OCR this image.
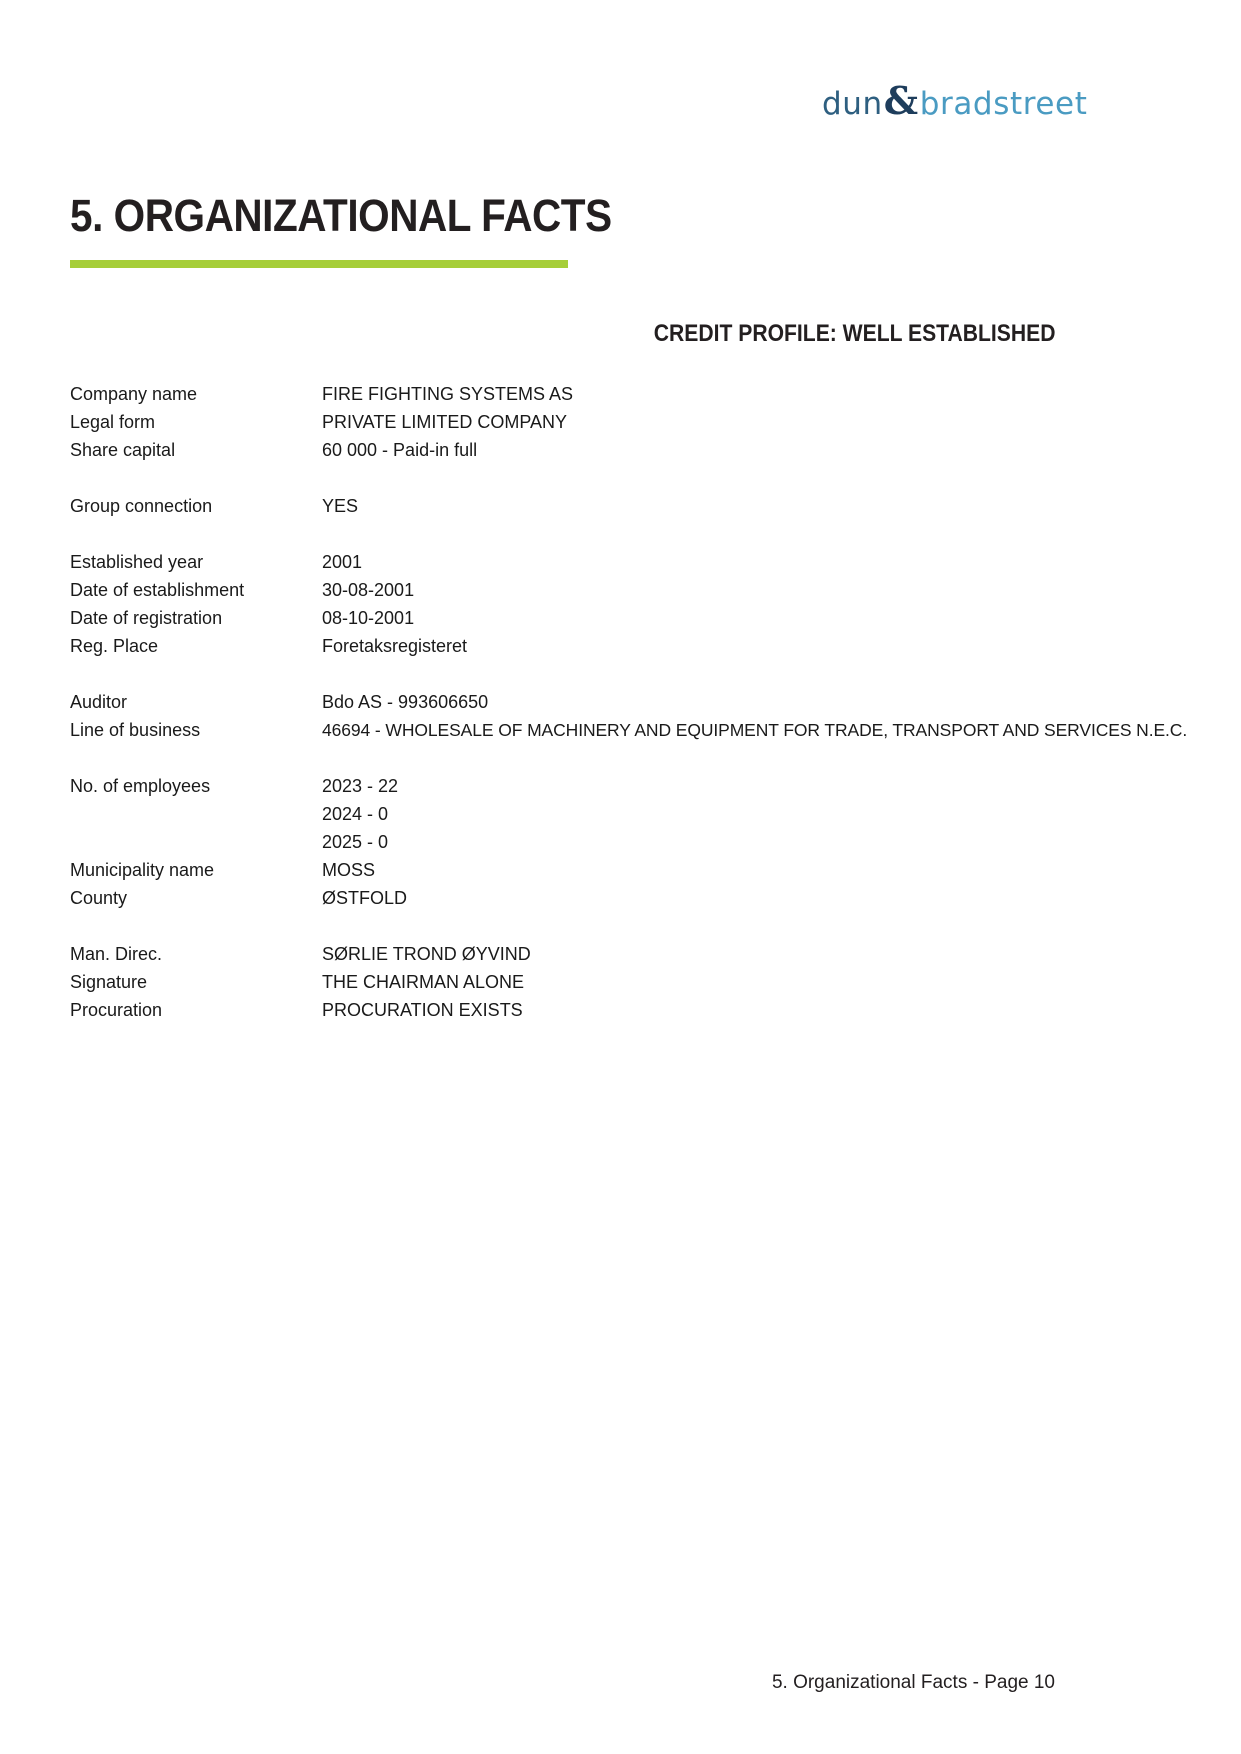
dun & bradstreet
5. ORGANIZATIONAL FACTS
CREDIT PROFILE: WELL ESTABLISHED
Company name	FIRE FIGHTING SYSTEMS AS
Legal form	PRIVATE LIMITED COMPANY
Share capital	60 000 - Paid-in full
Group connection	YES
Established year	2001
Date of establishment	30-08-2001
Date of registration	08-10-2001
Reg. Place	Foretaksregisteret
Auditor	Bdo AS - 993606650
Line of business	46694 - WHOLESALE OF MACHINERY AND EQUIPMENT FOR TRADE, TRANSPORT AND SERVICES N.E.C.
No. of employees	2023 - 22
2024 - 0
2025 - 0
Municipality name	MOSS
County	ØSTFOLD
Man. Direc.	SØRLIE TROND ØYVIND
Signature	THE CHAIRMAN ALONE
Procuration	PROCURATION EXISTS
5. Organizational Facts - Page 10
